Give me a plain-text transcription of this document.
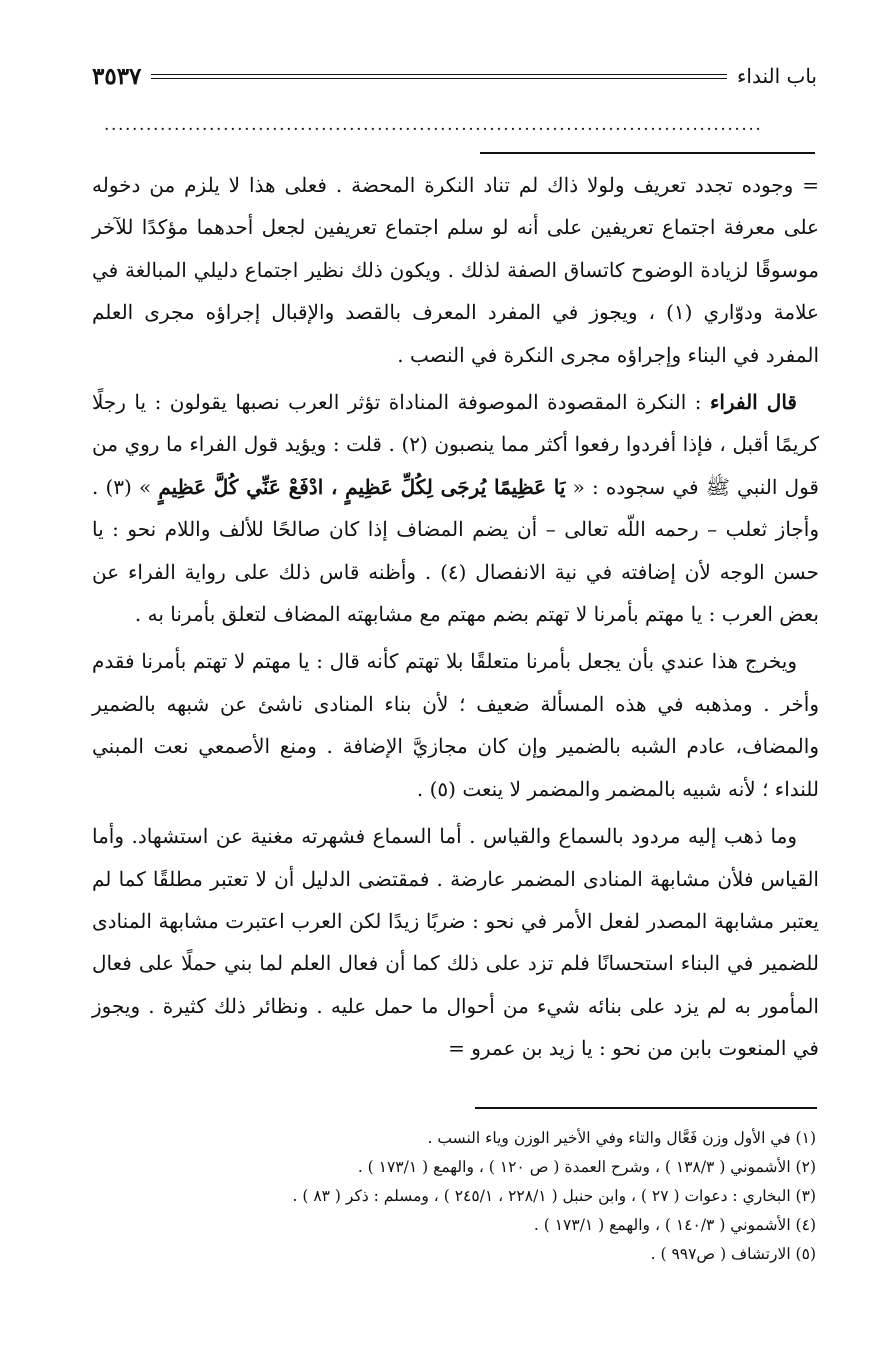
باب النداء
٣٥٣٧
..............................................................................................

= وجوده تجدد تعريف ولولا ذاك لم تناد النكرة المحضة . فعلى هذا لا يلزم من دخوله على معرفة اجتماع تعريفين على أنه لو سلم اجتماع تعريفين لجعل أحدهما مؤكدًا للآخر موسوقًا لزيادة الوضوح كاتساق الصفة لذلك . ويكون ذلك نظير اجتماع دليلي المبالغة في علامة ودوّاري (١) ، ويجوز في المفرد المعرف بالقصد والإقبال إجراؤه مجرى العلم المفرد في البناء وإجراؤه مجرى النكرة في النصب .

قال الفراء : النكرة المقصودة الموصوفة المناداة تؤثر العرب نصبها يقولون : يا رجلًا كريمًا أقبل ، فإذا أفردوا رفعوا أكثر مما ينصبون (٢) . قلت : ويؤيد قول الفراء ما روي من قول النبي ﷺ في سجوده : « يَا عَظِيمًا يُرجَى لِكُلِّ عَظِيمٍ ، ادْفَعْ عَنِّي كُلَّ عَظِيمٍ » (٣) . وأجاز ثعلب – رحمه اللّه تعالى – أن يضم المضاف إذا كان صالحًا للألف واللام نحو : يا حسن الوجه لأن إضافته في نية الانفصال (٤) . وأظنه قاس ذلك على رواية الفراء عن بعض العرب : يا مهتم بأمرنا لا تهتم بضم مهتم مع مشابهته المضاف لتعلق بأمرنا به .

ويخرج هذا عندي بأن يجعل بأمرنا متعلقًا بلا تهتم كأنه قال : يا مهتم لا تهتم بأمرنا فقدم وأخر . ومذهبه في هذه المسألة ضعيف ؛ لأن بناء المنادى ناشئ عن شبهه بالضمير والمضاف، عادم الشبه بالضمير وإن كان مجازيَّ الإضافة . ومنع الأصمعي نعت المبني للنداء ؛ لأنه شبيه بالمضمر والمضمر لا ينعت (٥) .

وما ذهب إليه مردود بالسماع والقياس . أما السماع فشهرته مغنية عن استشهاد. وأما القياس فلأن مشابهة المنادى المضمر عارضة . فمقتضى الدليل أن لا تعتبر مطلقًا كما لم يعتبر مشابهة المصدر لفعل الأمر في نحو : ضربًا زيدًا لكن العرب اعتبرت مشابهة المنادى للضمير في البناء استحسانًا فلم تزد على ذلك كما أن فعال العلم لما بني حملًا على فعال المأمور به لم يزد على بنائه شيء من أحوال ما حمل عليه . ونظائر ذلك كثيرة . ويجوز في المنعوت بابن من نحو : يا زيد بن عمرو =

(١) في الأول وزن فَعَّال والتاء وفي الأخير الوزن وياء النسب .

(٢) الأشموني ( ١٣٨/٣ ) ، وشرح العمدة ( ص ١٢٠ ) ، والهمع ( ١٧٣/١ ) .

(٣) البخاري : دعوات ( ٢٧ ) ، وابن حنبل ( ٢٢٨/١ ، ٢٤٥/١ ) ، ومسلم : ذكر ( ٨٣ ) .

(٤) الأشموني ( ١٤٠/٣ ) ، والهمع ( ١٧٣/١ ) .

(٥) الارتشاف ( ص٩٩٧ ) .
